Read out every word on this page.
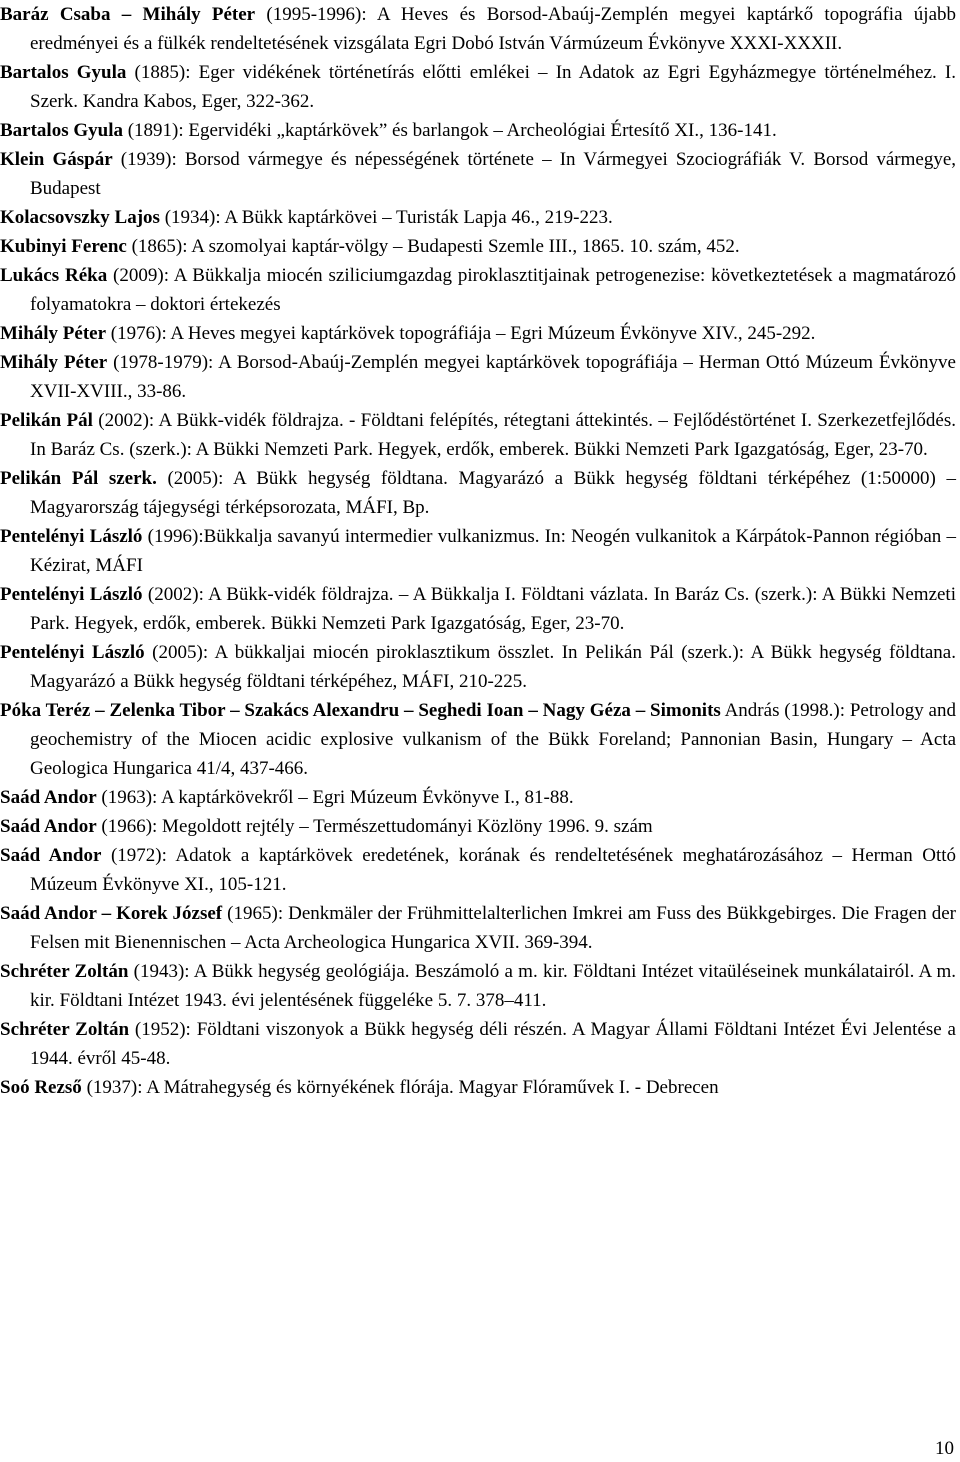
Baráz Csaba – Mihály Péter (1995-1996): A Heves és Borsod-Abaúj-Zemplén megyei kaptárkő topográfia újabb eredményei és a fülkék rendeltetésének vizsgálata Egri Dobó István Vármúzeum Évkönyve XXXI-XXXII.

Bartalos Gyula (1885): Eger vidékének történetírás előtti emlékei – In Adatok az Egri Egyházmegye történelméhez. I. Szerk. Kandra Kabos, Eger, 322-362.

Bartalos Gyula (1891): Egervidéki „kaptárkövek” és barlangok – Archeológiai Értesítő XI., 136-141.

Klein Gáspár (1939): Borsod vármegye és népességének története – In Vármegyei Szociográfiák V. Borsod vármegye, Budapest

Kolacsovszky Lajos (1934): A Bükk kaptárkövei – Turisták Lapja 46., 219-223.

Kubinyi Ferenc (1865): A szomolyai kaptár-völgy – Budapesti Szemle III., 1865. 10. szám, 452.

Lukács Réka (2009): A Bükkalja miocén sziliciumgazdag piroklasztitjainak petrogenezise: következtetések a magmatározó folyamatokra – doktori értekezés

Mihály Péter (1976): A Heves megyei kaptárkövek topográfiája – Egri Múzeum Évkönyve XIV., 245-292.

Mihály Péter (1978-1979): A Borsod-Abaúj-Zemplén megyei kaptárkövek topográfiája – Herman Ottó Múzeum Évkönyve XVII-XVIII., 33-86.

Pelikán Pál (2002): A Bükk-vidék földrajza. - Földtani felépítés, rétegtani áttekintés. – Fejlődéstörténet I. Szerkezetfejlődés. In Baráz Cs. (szerk.): A Bükki Nemzeti Park. Hegyek, erdők, emberek. Bükki Nemzeti Park Igazgatóság, Eger, 23-70.

Pelikán Pál szerk. (2005): A Bükk hegység földtana. Magyarázó a Bükk hegység földtani térképéhez (1:50000) – Magyarország tájegységi térképsorozata, MÁFI, Bp.

Pentelényi László (1996):Bükkalja savanyú intermedier vulkanizmus. In: Neogén vulkanitok a Kárpátok-Pannon régióban – Kézirat, MÁFI

Pentelényi László (2002): A Bükk-vidék földrajza. – A Bükkalja I. Földtani vázlata. In Baráz Cs. (szerk.): A Bükki Nemzeti Park. Hegyek, erdők, emberek. Bükki Nemzeti Park Igazgatóság, Eger, 23-70.

Pentelényi László (2005): A bükkaljai miocén piroklasztikum összlet. In Pelikán Pál (szerk.): A Bükk hegység földtana. Magyarázó a Bükk hegység földtani térképéhez, MÁFI, 210-225.

Póka Teréz – Zelenka Tibor – Szakács Alexandru – Seghedi Ioan – Nagy Géza – Simonits András (1998.): Petrology and geochemistry of the Miocen acidic explosive vulkanism of the Bükk Foreland; Pannonian Basin, Hungary – Acta Geologica Hungarica 41/4, 437-466.

Saád Andor (1963): A kaptárkövekről – Egri Múzeum Évkönyve I., 81-88.

Saád Andor (1966): Megoldott rejtély – Természettudományi Közlöny 1996. 9. szám

Saád Andor (1972): Adatok a kaptárkövek eredetének, korának és rendeltetésének meghatározásához – Herman Ottó Múzeum Évkönyve XI., 105-121.

Saád Andor – Korek József (1965): Denkmäler der Frühmittelalterlichen Imkrei am Fuss des Bükkgebirges. Die Fragen der Felsen mit Bienennischen – Acta Archeologica Hungarica XVII. 369-394.

Schréter Zoltán (1943): A Bükk hegység geológiája. Beszámoló a m. kir. Földtani Intézet vitaüléseinek munkálatairól. A m. kir. Földtani Intézet 1943. évi jelentésének függeléke 5. 7. 378–411.

Schréter Zoltán (1952): Földtani viszonyok a Bükk hegység déli részén. A Magyar Állami Földtani Intézet Évi Jelentése a 1944. évről 45-48.

Soó Rezső (1937): A Mátrahegység és környékének flórája. Magyar Flóraművek I. - Debrecen

10
